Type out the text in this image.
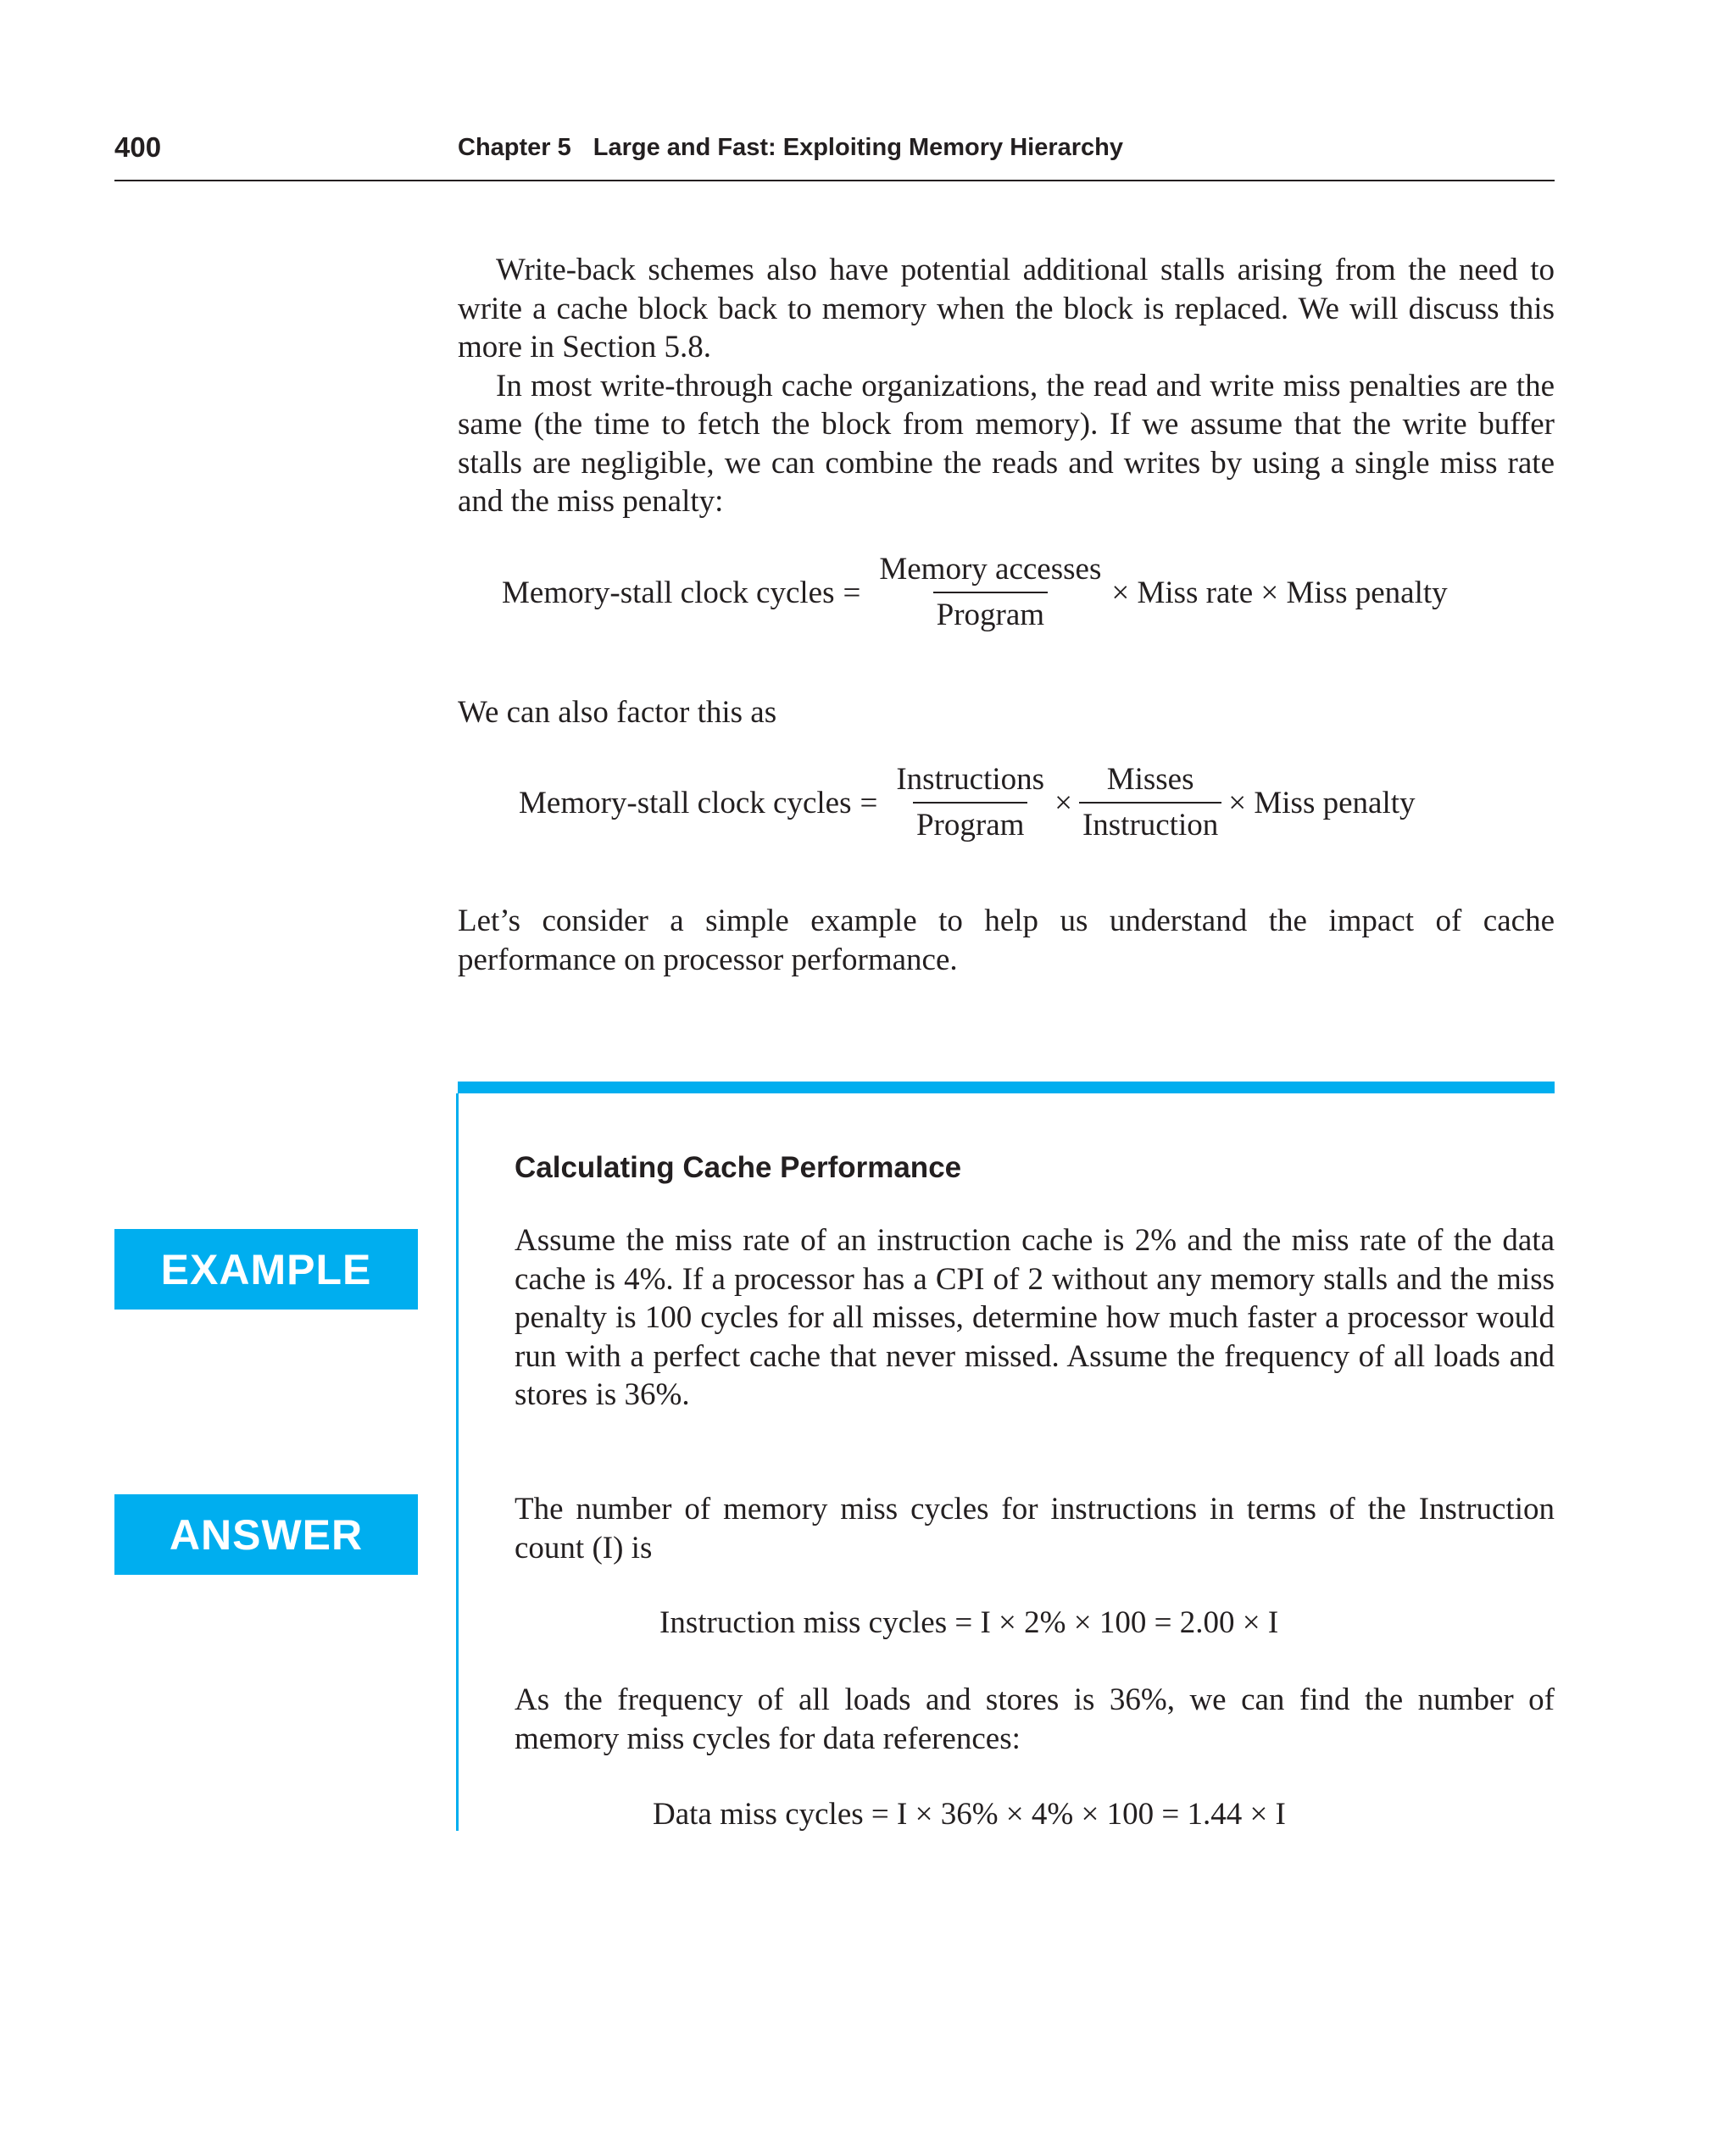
400	Chapter 5 Large and Fast: Exploiting Memory Hierarchy

Write-back schemes also have potential additional stalls arising from the need to write a cache block back to memory when the block is replaced. We will discuss this more in Section 5.8.

In most write-through cache organizations, the read and write miss penalties are the same (the time to fetch the block from memory). If we assume that the write buffer stalls are negligible, we can combine the reads and writes by using a single miss rate and the miss penalty:

Memory-stall clock cycles = $\frac{\text{Memory accesses}}{\text{Program}}$ × Miss rate × Miss penalty
We can also factor this as
Memory-stall clock cycles = $\frac{\text{Instructions}}{\text{Program}} \times \frac{\text{Misses}}{\text{Instruction}}$ × Miss penalty

Let’s consider a simple example to help us understand the impact of cache performance on processor performance.

Calculating Cache Performance
EXAMPLE

Assume the miss rate of an instruction cache is 2% and the miss rate of the data cache is 4%. If a processor has a CPI of 2 without any memory stalls and the miss penalty is 100 cycles for all misses, determine how much faster a processor would run with a perfect cache that never missed. Assume the frequency of all loads and stores is 36%.

ANSWER

The number of memory miss cycles for instructions in terms of the Instruction count (I) is

Instruction miss cycles = I × 2% × 100 = 2.00 × I

As the frequency of all loads and stores is 36%, we can find the number of memory miss cycles for data references:

Data miss cycles = I × 36% × 4% × 100 = 1.44 × I
